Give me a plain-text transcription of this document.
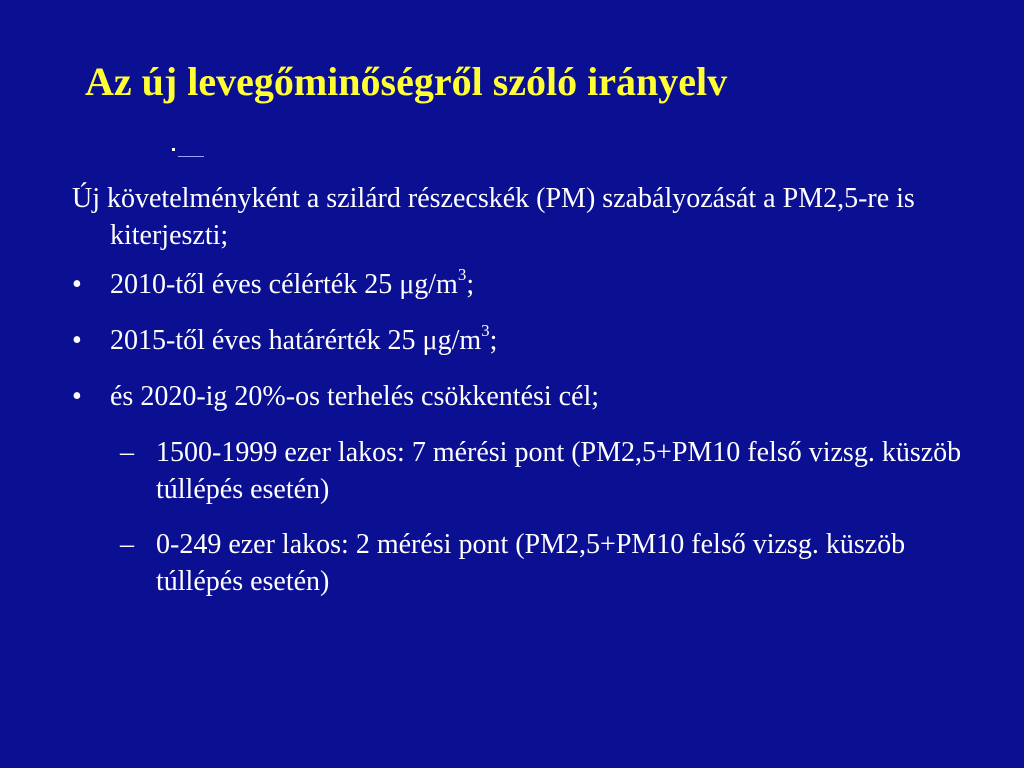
Az új levegőminőségről szóló irányelv

Új követelményként a szilárd részecskék (PM) szabályozását a PM2,5-re is kiterjeszti;

• 2010-től éves célérték 25 $\mu g/m^3$;
• 2015-től éves határérték 25 $\mu g/m^3$;
• és 2020-ig 20%-os terhelés csökkentési cél;
– 1500-1999 ezer lakos: 7 mérési pont (PM2,5+PM10 felső vizsg. küszöb túllépés esetén)
– 0-249 ezer lakos: 2 mérési pont (PM2,5+PM10 felső vizsg. küszöb túllépés esetén)
